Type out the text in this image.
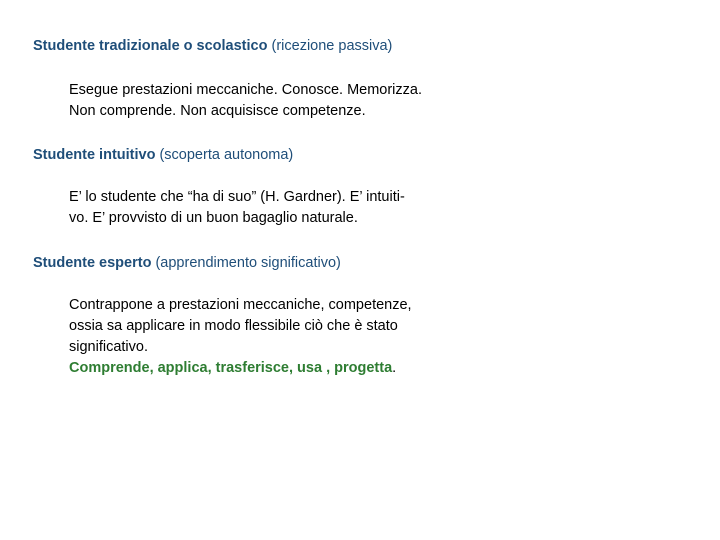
Studente tradizionale o scolastico (ricezione passiva)
Esegue prestazioni meccaniche. Conosce. Memorizza.
Non comprende. Non acquisisce competenze.
Studente intuitivo (scoperta autonoma)
E’ lo studente che “ha di suo” (H. Gardner). E’ intuiti-
vo. E’ provvisto di un buon bagaglio naturale.
Studente esperto (apprendimento significativo)
Contrappone a prestazioni meccaniche, competenze,
ossia sa applicare in modo flessibile ciò che è stato
significativo.
Comprende, applica, trasferisce, usa , progetta.
